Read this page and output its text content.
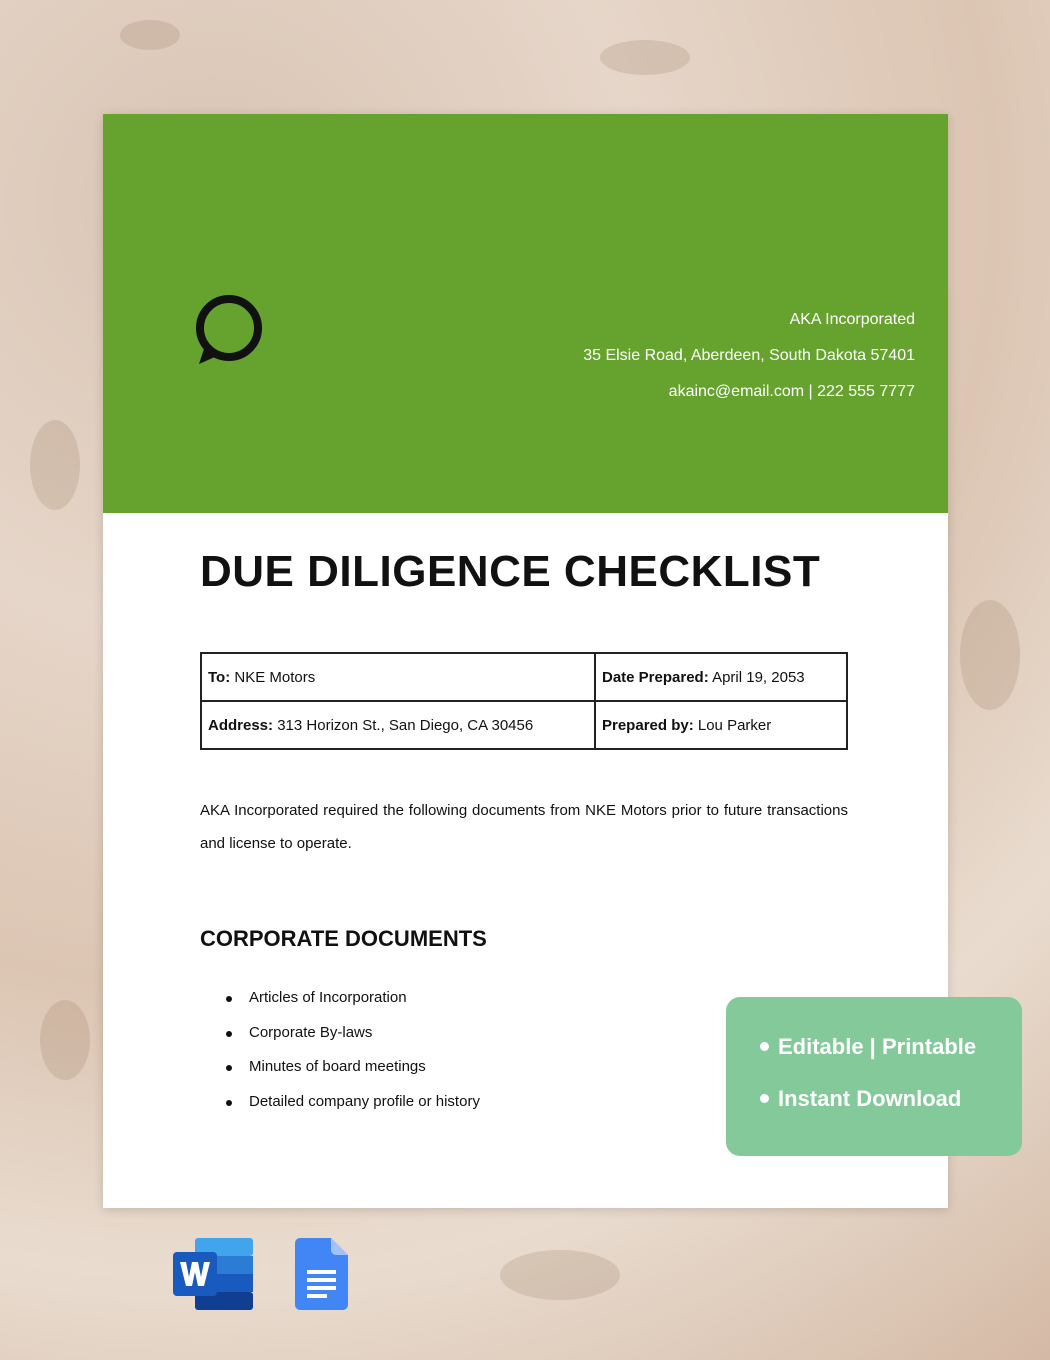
AKA Incorporated
35 Elsie Road, Aberdeen, South Dakota 57401
akainc@email.com | 222 555 7777
DUE DILIGENCE CHECKLIST
To: NKE Motors	Date Prepared: April 19, 2053
Address: 313 Horizon St., San Diego, CA 30456	Prepared by: Lou Parker

AKA Incorporated required the following documents from NKE Motors prior to future transactions and license to operate.

CORPORATE DOCUMENTS
Articles of Incorporation
Corporate By-laws
Minutes of board meetings
Detailed company profile or history
Editable | Printable
Instant Download
